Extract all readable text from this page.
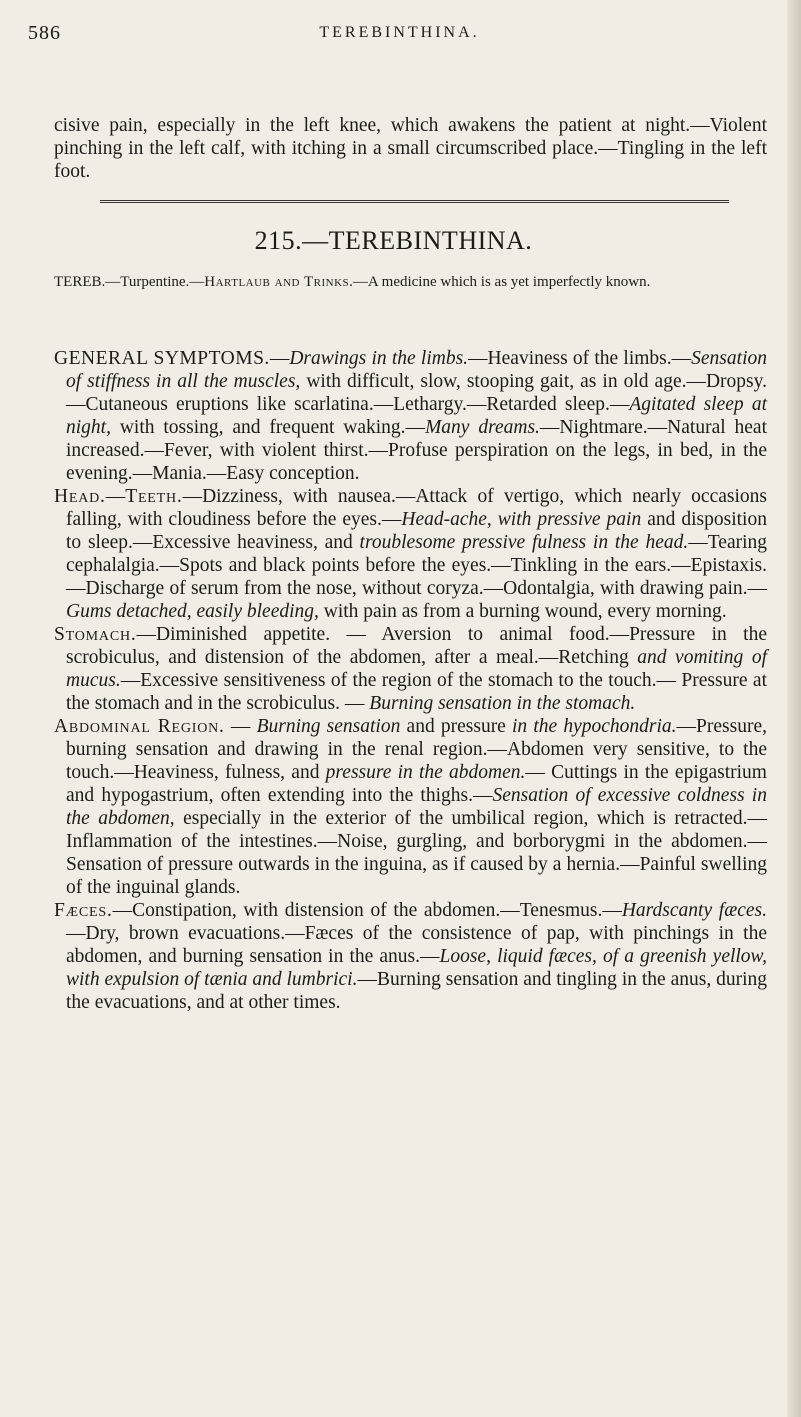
586	TEREBINTHINA.
cisive pain, especially in the left knee, which awakens the patient at night.—Violent pinching in the left calf, with itching in a small circumscribed place.—Tingling in the left foot.
215.—TEREBINTHINA.
TEREB.—Turpentine.—Hartlaub and Trinks.—A medicine which is as yet imperfectly known.

GENERAL SYMPTOMS.—Drawings in the limbs.—Heaviness of the limbs.—Sensation of stiffness in all the muscles, with difficult, slow, stooping gait, as in old age.—Dropsy.—Cutaneous eruptions like scarlatina.—Lethargy.—Retarded sleep.—Agitated sleep at night, with tossing, and frequent waking.—Many dreams.—Nightmare.—Natural heat increased.—Fever, with violent thirst.—Profuse perspiration on the legs, in bed, in the evening.—Mania.—Easy conception.

Head.—Teeth.—Dizziness, with nausea.—Attack of vertigo, which nearly occasions falling, with cloudiness before the eyes.—Head-ache, with pressive pain and disposition to sleep.—Excessive heaviness, and troublesome pressive fulness in the head.—Tearing cephalalgia.—Spots and black points before the eyes.—Tinkling in the ears.—Epistaxis.—Discharge of serum from the nose, without coryza.—Odontalgia, with drawing pain.—Gums detached, easily bleeding, with pain as from a burning wound, every morning.

Stomach.—Diminished appetite. — Aversion to animal food.—Pressure in the scrobiculus, and distension of the abdomen, after a meal.—Retching and vomiting of mucus.—Excessive sensitiveness of the region of the stomach to the touch.— Pressure at the stomach and in the scrobiculus. — Burning sensation in the stomach.

Abdominal Region. — Burning sensation and pressure in the hypochondria.—Pressure, burning sensation and drawing in the renal region.—Abdomen very sensitive, to the touch.—Heaviness, fulness, and pressure in the abdomen.— Cuttings in the epigastrium and hypogastrium, often extending into the thighs.—Sensation of excessive coldness in the abdomen, especially in the exterior of the umbilical region, which is retracted.—Inflammation of the intestines.—Noise, gurgling, and borborygmi in the abdomen.—Sensation of pressure outwards in the inguina, as if caused by a hernia.—Painful swelling of the inguinal glands.

Fæces.—Constipation, with distension of the abdomen.—Tenesmus.—Hardscanty fæces.—Dry, brown evacuations.—Fæces of the consistence of pap, with pinchings in the abdomen, and burning sensation in the anus.—Loose, liquid fæces, of a greenish yellow, with expulsion of tænia and lumbrici.—Burning sensation and tingling in the anus, during the evacuations, and at other times.
